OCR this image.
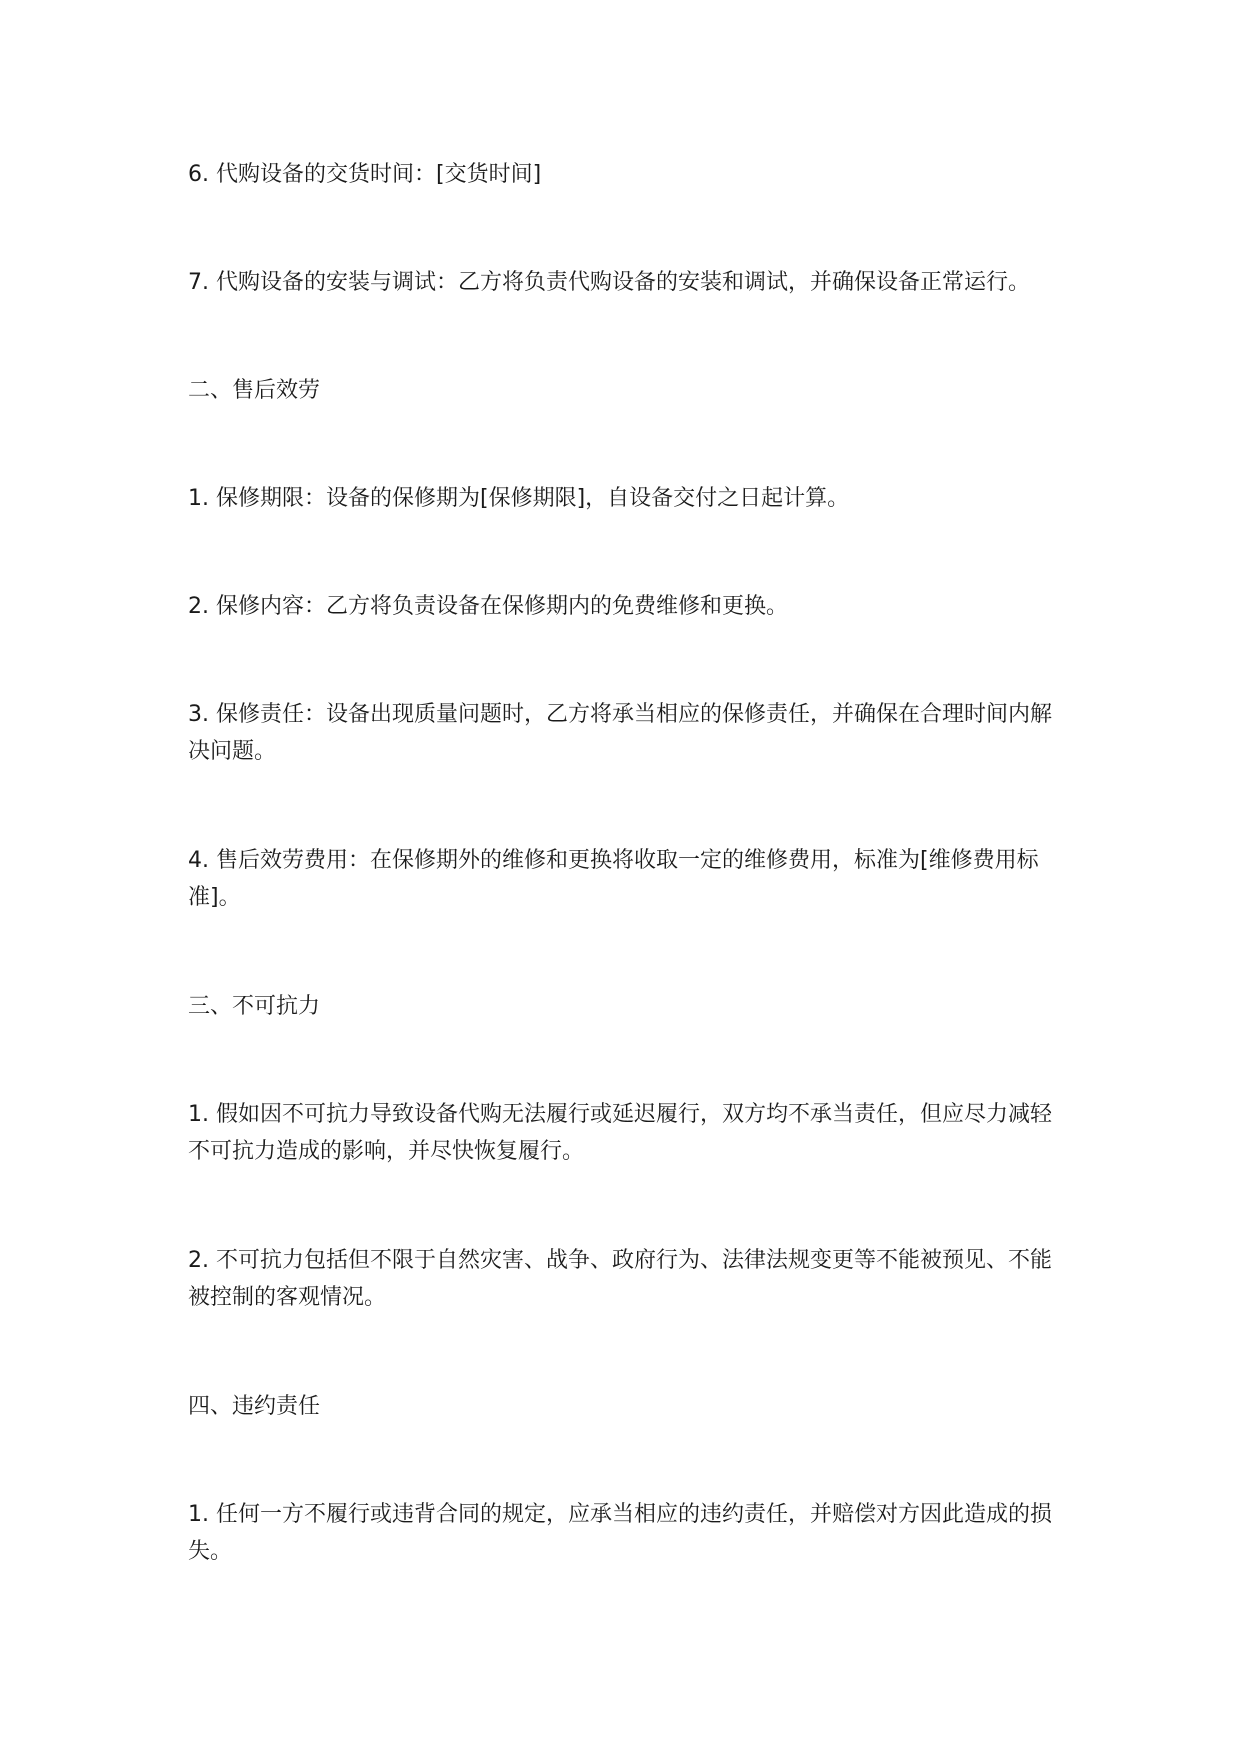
6. 代购设备的交货时间：[交货时间]

7. 代购设备的安装与调试：乙方将负责代购设备的安装和调试，并确保设备正常运行。

二、售后效劳

1. 保修期限：设备的保修期为[保修期限]，自设备交付之日起计算。

2. 保修内容：乙方将负责设备在保修期内的免费维修和更换。

3. 保修责任：设备出现质量问题时，乙方将承当相应的保修责任，并确保在合理时间内解决问题。

4. 售后效劳费用：在保修期外的维修和更换将收取一定的维修费用，标准为[维修费用标准]。

三、不可抗力

1. 假如因不可抗力导致设备代购无法履行或延迟履行，双方均不承当责任，但应尽力减轻不可抗力造成的影响，并尽快恢复履行。

2. 不可抗力包括但不限于自然灾害、战争、政府行为、法律法规变更等不能被预见、不能被控制的客观情况。

四、违约责任

1. 任何一方不履行或违背合同的规定，应承当相应的违约责任，并赔偿对方因此造成的损失。
